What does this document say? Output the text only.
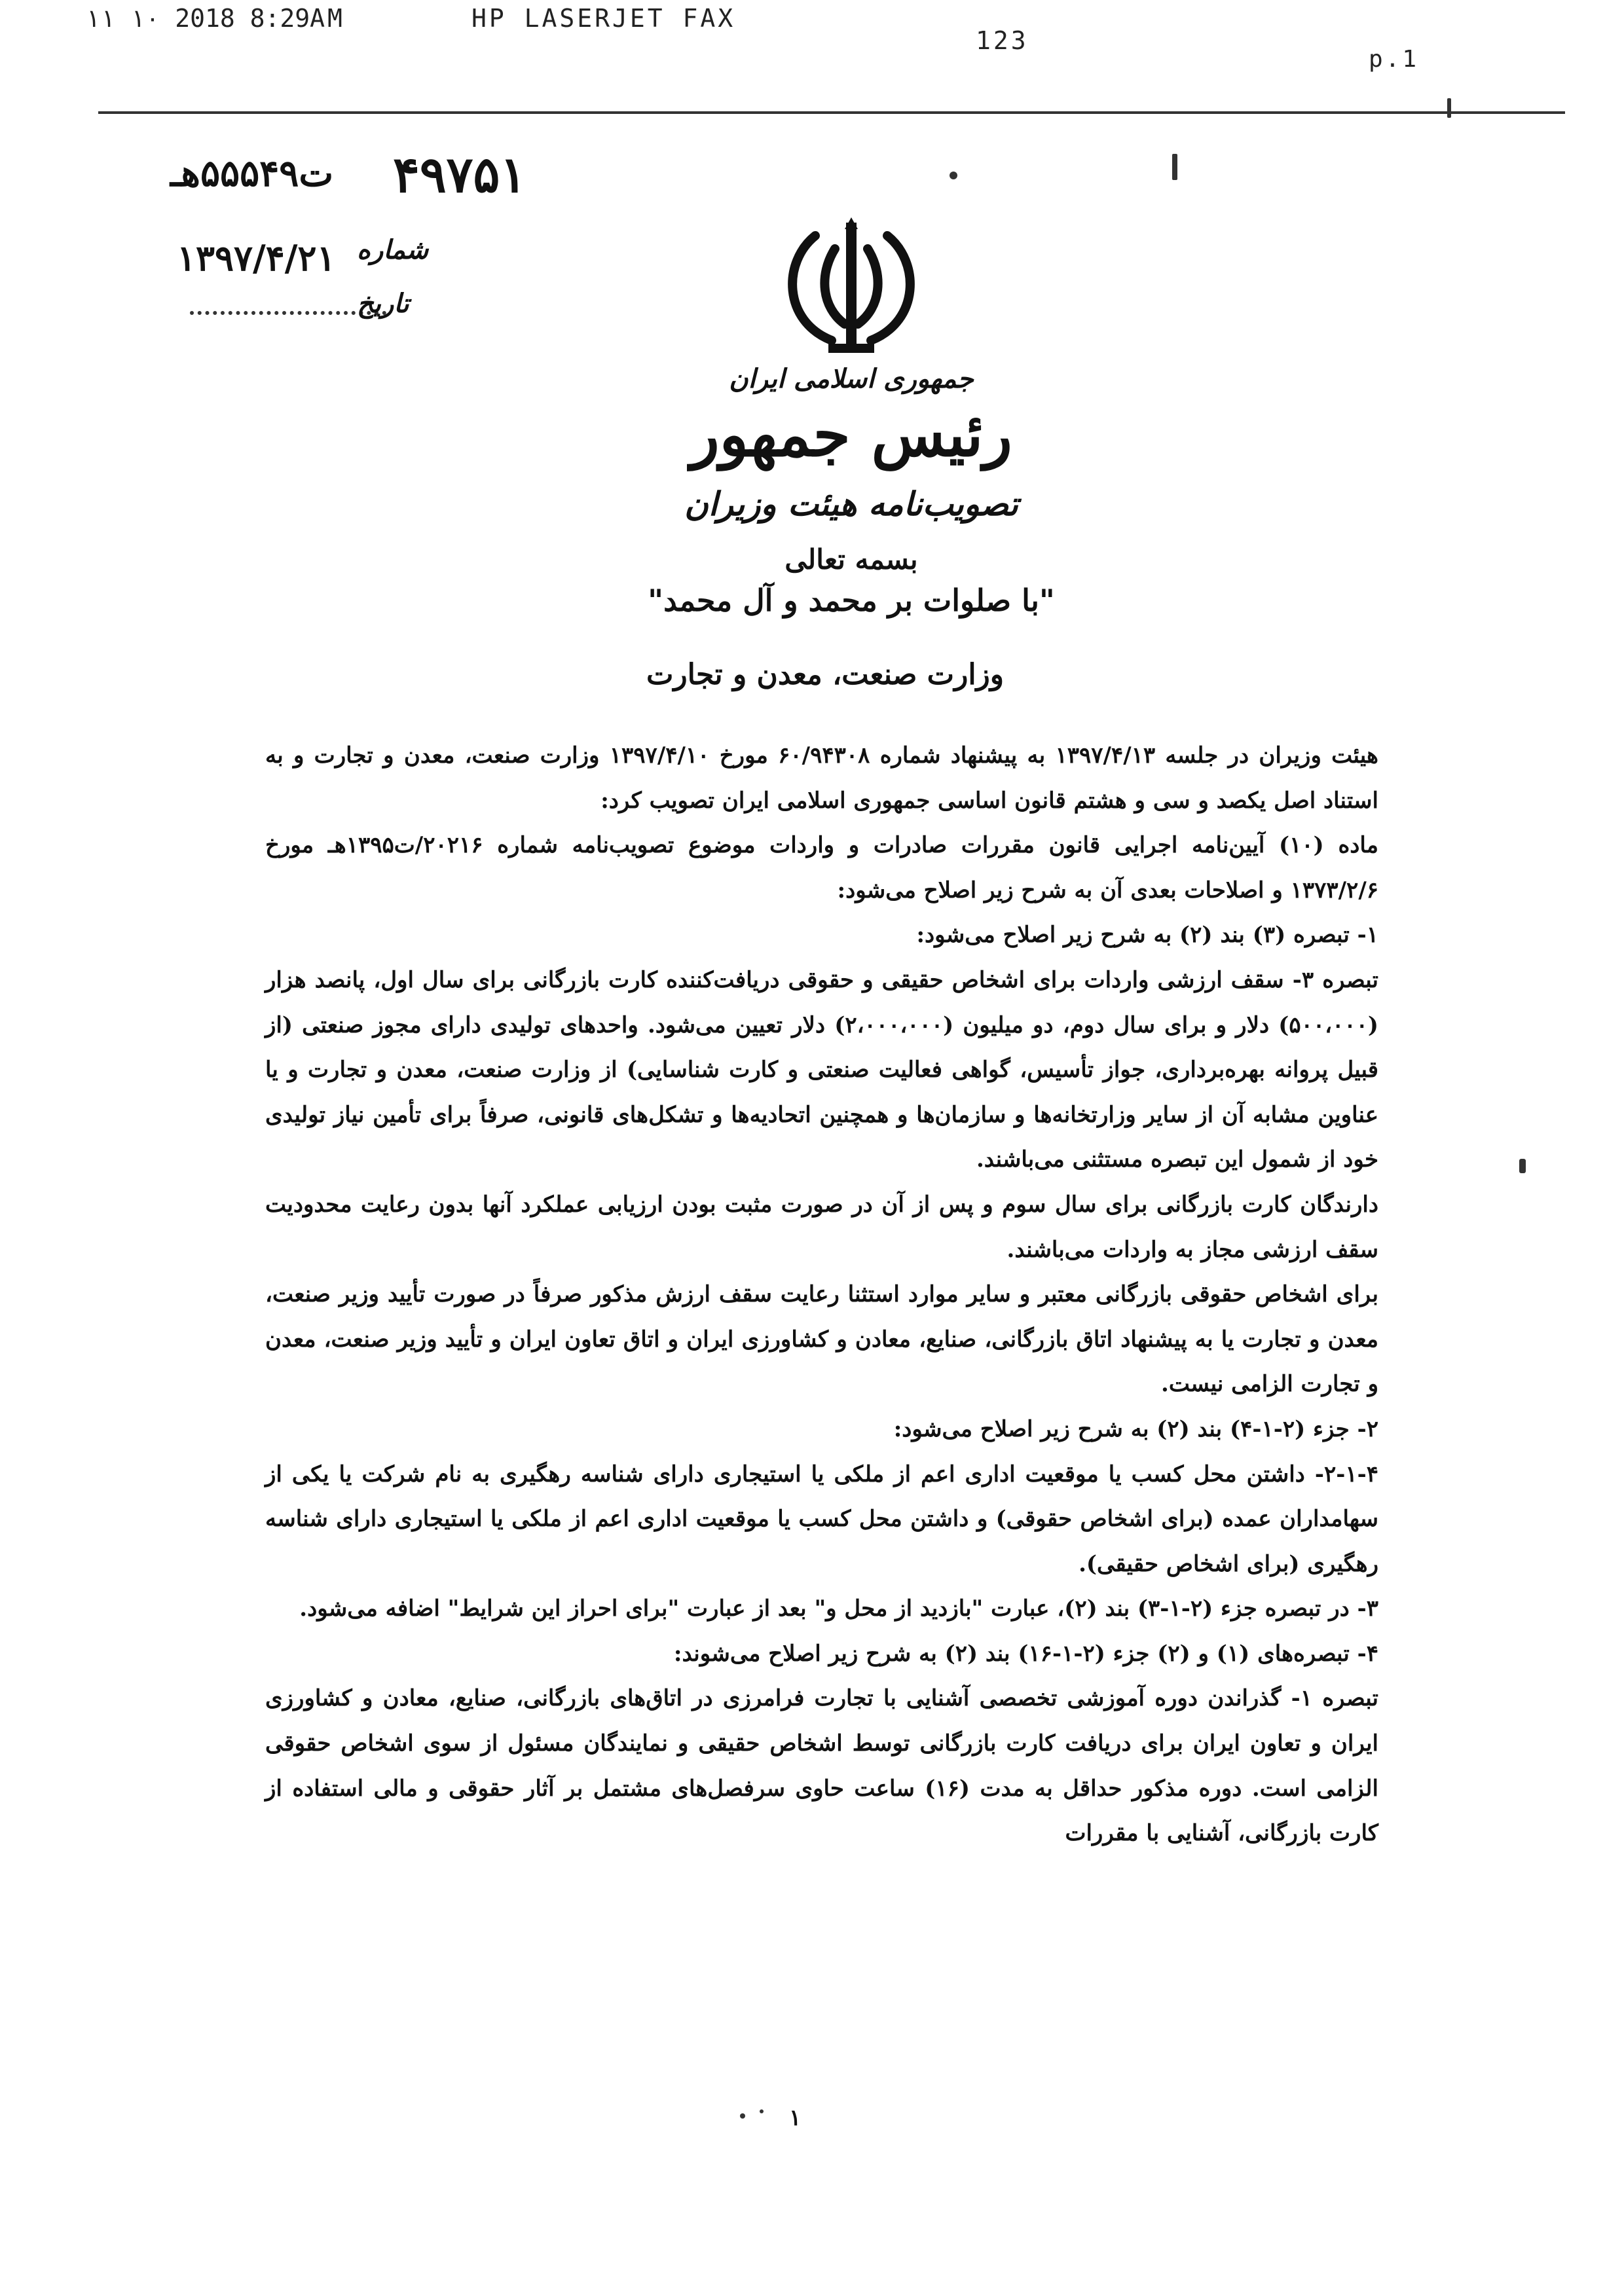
۱۱ ۱۰ 2018 8:29AM

	HP LASERJET FAX

123

p.1
ت۵۵۵۴۹هـ ۴۹۷۵۱
شماره
۱۳۹۷/۴/۲۱
تاریخ
جمهوری اسلامی ایران
رئیس جمهور
تصویب‌نامه هیئت وزیران
بسمه تعالی
"با صلوات بر محمد و آل محمد"
وزارت صنعت، معدن و تجارت

هیئت وزیران در جلسه ۱۳۹۷/۴/۱۳ به پیشنهاد شماره ۶۰/۹۴۳۰۸ مورخ ۱۳۹۷/۴/۱۰ وزارت صنعت، معدن و تجارت و به استناد اصل یکصد و سی و هشتم قانون اساسی جمهوری اسلامی ایران تصویب کرد:

ماده (۱۰) آیین‌نامه اجرایی قانون مقررات صادرات و واردات موضوع تصویب‌نامه شماره ۲۰۲۱۶/ت۱۳۹۵هـ مورخ ۱۳۷۳/۲/۶ و اصلاحات بعدی آن به شرح زیر اصلاح می‌شود:

۱- تبصره (۳) بند (۲) به شرح زیر اصلاح می‌شود:

تبصره ۳- سقف ارزشی واردات برای اشخاص حقیقی و حقوقی دریافت‌کننده کارت بازرگانی برای سال اول، پانصد هزار (۵۰۰،۰۰۰) دلار و برای سال دوم، دو میلیون (۲،۰۰۰،۰۰۰) دلار تعیین می‌شود. واحدهای تولیدی دارای مجوز صنعتی (از قبیل پروانه بهره‌برداری، جواز تأسیس، گواهی فعالیت صنعتی و کارت شناسایی) از وزارت صنعت، معدن و تجارت و یا عناوین مشابه آن از سایر وزارتخانه‌ها و سازمان‌ها و همچنین اتحادیه‌ها و تشکل‌های قانونی، صرفاً برای تأمین نیاز تولیدی خود از شمول این تبصره مستثنی می‌باشند.

دارندگان کارت بازرگانی برای سال سوم و پس از آن در صورت مثبت بودن ارزیابی عملکرد آنها بدون رعایت محدودیت سقف ارزشی مجاز به واردات می‌باشند.

برای اشخاص حقوقی بازرگانی معتبر و سایر موارد استثنا رعایت سقف ارزش مذکور صرفاً در صورت تأیید وزیر صنعت، معدن و تجارت یا به پیشنهاد اتاق بازرگانی، صنایع، معادن و کشاورزی ایران و اتاق تعاون ایران و تأیید وزیر صنعت، معدن و تجارت الزامی نیست.

۲- جزء (۲-۱-۴) بند (۲) به شرح زیر اصلاح می‌شود:

۲-۱-۴- داشتن محل کسب یا موقعیت اداری اعم از ملکی یا استیجاری دارای شناسه رهگیری به نام شرکت یا یکی از سهامداران عمده (برای اشخاص حقوقی) و داشتن محل کسب یا موقعیت اداری اعم از ملکی یا استیجاری دارای شناسه رهگیری (برای اشخاص حقیقی).

۳- در تبصره جزء (۲-۱-۳) بند (۲)، عبارت "بازدید از محل و" بعد از عبارت "برای احراز این شرایط" اضافه می‌شود.

۴- تبصره‌های (۱) و (۲) جزء (۲-۱-۱۶) بند (۲) به شرح زیر اصلاح می‌شوند:

تبصره ۱- گذراندن دوره آموزشی تخصصی آشنایی با تجارت فرامرزی در اتاق‌های بازرگانی، صنایع، معادن و کشاورزی ایران و تعاون ایران برای دریافت کارت بازرگانی توسط اشخاص حقیقی و نمایندگان مسئول از سوی اشخاص حقوقی الزامی است. دوره مذکور حداقل به مدت (۱۶) ساعت حاوی سرفصل‌های مشتمل بر آثار حقوقی و مالی استفاده از کارت بازرگانی، آشنایی با مقررات

۱
